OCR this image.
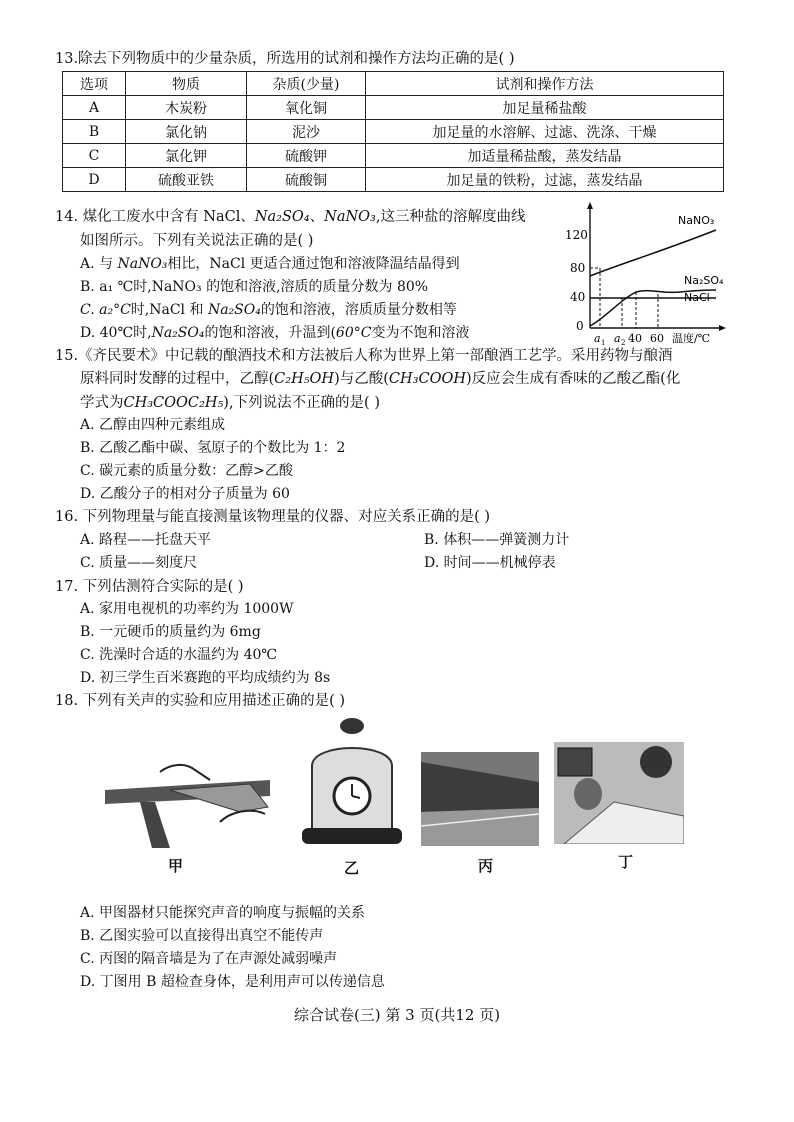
13.除去下列物质中的少量杂质，所选用的试剂和操作方法均正确的是( )
选项	物质	杂质(少量)	试剂和操作方法
A	木炭粉	氧化铜	加足量稀盐酸
B	氯化钠	泥沙	加足量的水溶解、过滤、洗涤、干燥
C	氯化钾	硫酸钾	加适量稀盐酸，蒸发结晶
D	硫酸亚铁	硫酸铜	加足量的铁粉，过滤，蒸发结晶
14. 煤化工废水中含有 NaCl、Na₂SO₄、NaNO₃,这三种盐的溶解度曲线
如图所示。下列有关说法正确的是( )
A. 与 NaNO₃相比，NaCl 更适合通过饱和溶液降温结晶得到
B. a₁ ℃时,NaNO₃ 的饱和溶液,溶质的质量分数为 80%
C. a₂°C时,NaCl 和 Na₂SO₄的饱和溶液，溶质质量分数相等
D. 40℃时,Na₂SO₄的饱和溶液，升温到(60°C变为不饱和溶液
120
80
40
0
NaNO₃
Na₂SO₄
NaCl
a 1 a 2 40 60 温度/℃
15.《齐民要术》中记载的酿酒技术和方法被后人称为世界上第一部酿酒工艺学。采用药物与酿酒
原料同时发酵的过程中，乙醇(C₂H₅OH)与乙酸(CH₃COOH)反应会生成有香味的乙酸乙酯(化
学式为CH₃COOC₂H₅),下列说法不正确的是( )
A. 乙醇由四种元素组成
B. 乙酸乙酯中碳、氢原子的个数比为 1：2
C. 碳元素的质量分数：乙醇>乙酸
D. 乙酸分子的相对分子质量为 60
16. 下列物理量与能直接测量该物理量的仪器、对应关系正确的是( )
A. 路程——托盘天平	B. 体积——弹簧测力计
C. 质量——刻度尺	D. 时间——机械停表
17. 下列估测符合实际的是( )
A. 家用电视机的功率约为 1000W
B. 一元硬币的质量约为 6mg
C. 洗澡时合适的水温约为 40℃
D. 初三学生百米赛跑的平均成绩约为 8s
18. 下列有关声的实验和应用描述正确的是( )
甲	乙	丙	丁
A. 甲图器材只能探究声音的响度与振幅的关系
B. 乙图实验可以直接得出真空不能传声
C. 丙图的隔音墙是为了在声源处减弱噪声
D. 丁图用 B 超检查身体，是利用声可以传递信息
综合试卷(三) 第 3 页(共12 页)
